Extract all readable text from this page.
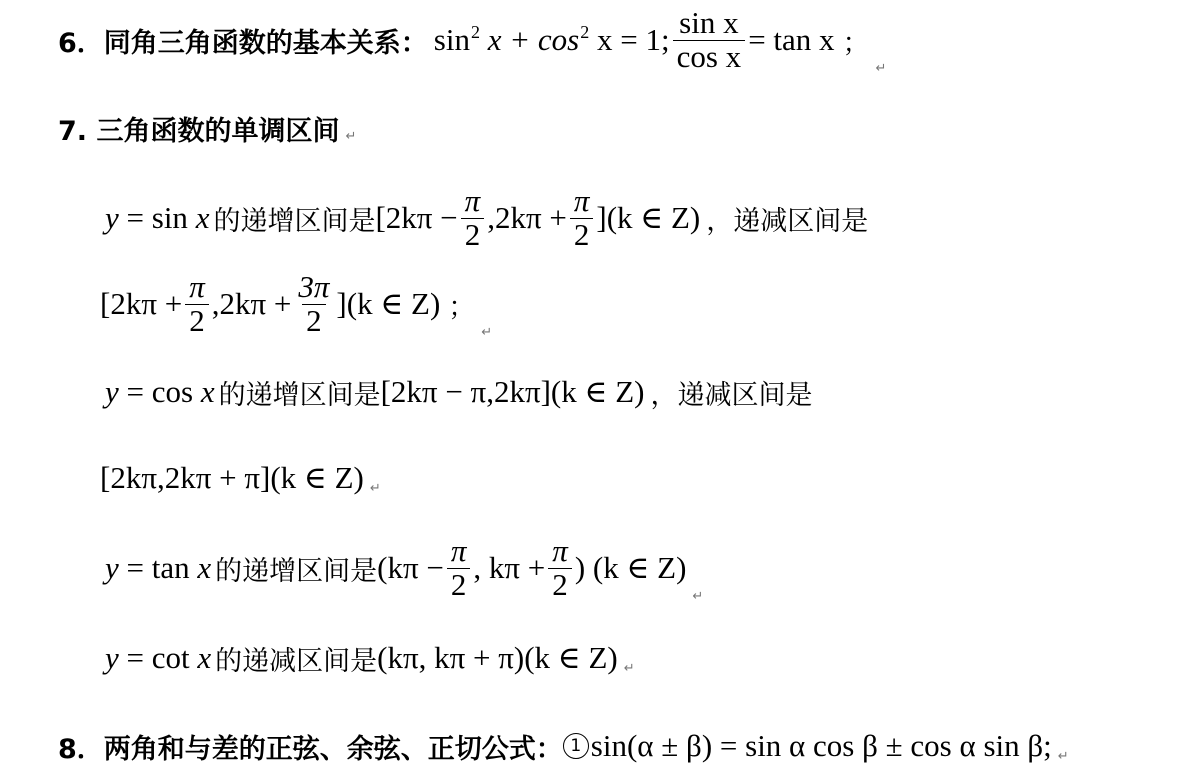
6．同角三角函数的基本关系： $\sin^2 x + \cos^2 x = 1$; $\frac{\text{sin x}}{\text{cos x}} = \tan x$ ；
↵
7. 三角函数的单调区间 ↵
y = sin x 的递增区间是 $[2k\pi - \frac{\pi}{2} ,2k\pi + \frac{\pi}{2} ](k$ ∈ Z) ，递减区间是
$[2k\pi + \frac{\pi}{2} ,2k\pi + \frac{3\pi}{2} ](k$ ∈ Z) ；
↵
y = cos x 的递增区间是 [2kπ − π,2kπ](k ∈ Z) ，递减区间是
[2kπ,2kπ + π](k ∈ Z) ↵
y = tan x 的递增区间是 ($k\pi - \frac{\pi}{2}$ , $k\pi + \frac{\pi}{2}$ ) (k ∈ Z)
↵
y = cot x 的递减区间是 (kπ, kπ + π)(k ∈ Z) ↵
8．两角和与差的正弦、余弦、正切公式： 1 sin(α ± β) = sin α cos β ± cos α sin β; ↵
